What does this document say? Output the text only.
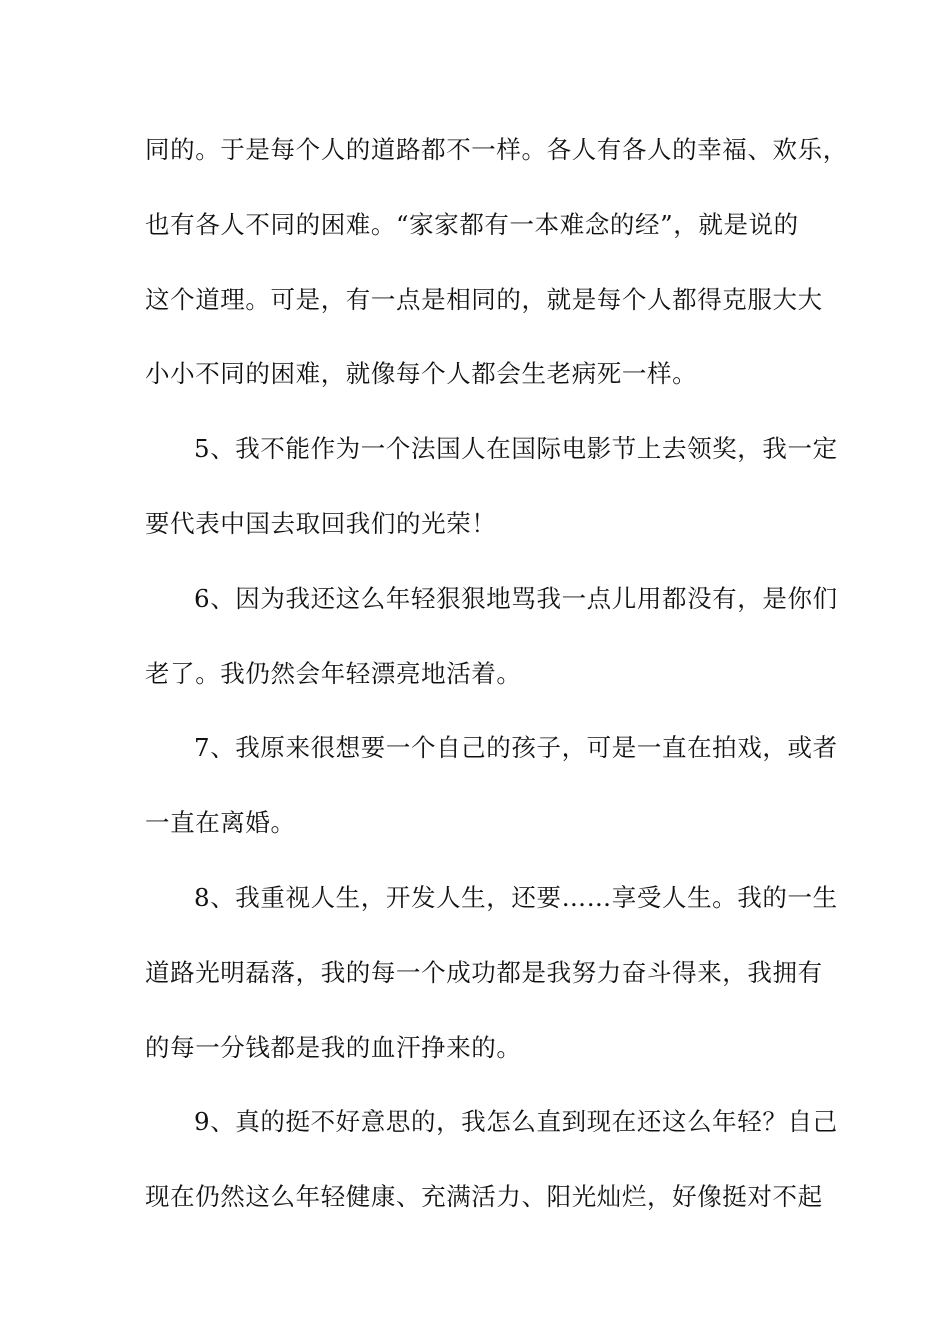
同的。于是每个人的道路都不一样。各人有各人的幸福、欢乐，
也有各人不同的困难。“家家都有一本难念的经”，就是说的
这个道理。可是，有一点是相同的，就是每个人都得克服大大
小小不同的困难，就像每个人都会生老病死一样。
5、我不能作为一个法国人在国际电影节上去领奖，我一定
要代表中国去取回我们的光荣！
6、因为我还这么年轻狠狠地骂我一点儿用都没有，是你们
老了。我仍然会年轻漂亮地活着。
7、我原来很想要一个自己的孩子，可是一直在拍戏，或者
一直在离婚。
8、我重视人生，开发人生，还要……享受人生。我的一生
道路光明磊落，我的每一个成功都是我努力奋斗得来，我拥有
的每一分钱都是我的血汗挣来的。
9、真的挺不好意思的，我怎么直到现在还这么年轻？自己
现在仍然这么年轻健康、充满活力、阳光灿烂，好像挺对不起
